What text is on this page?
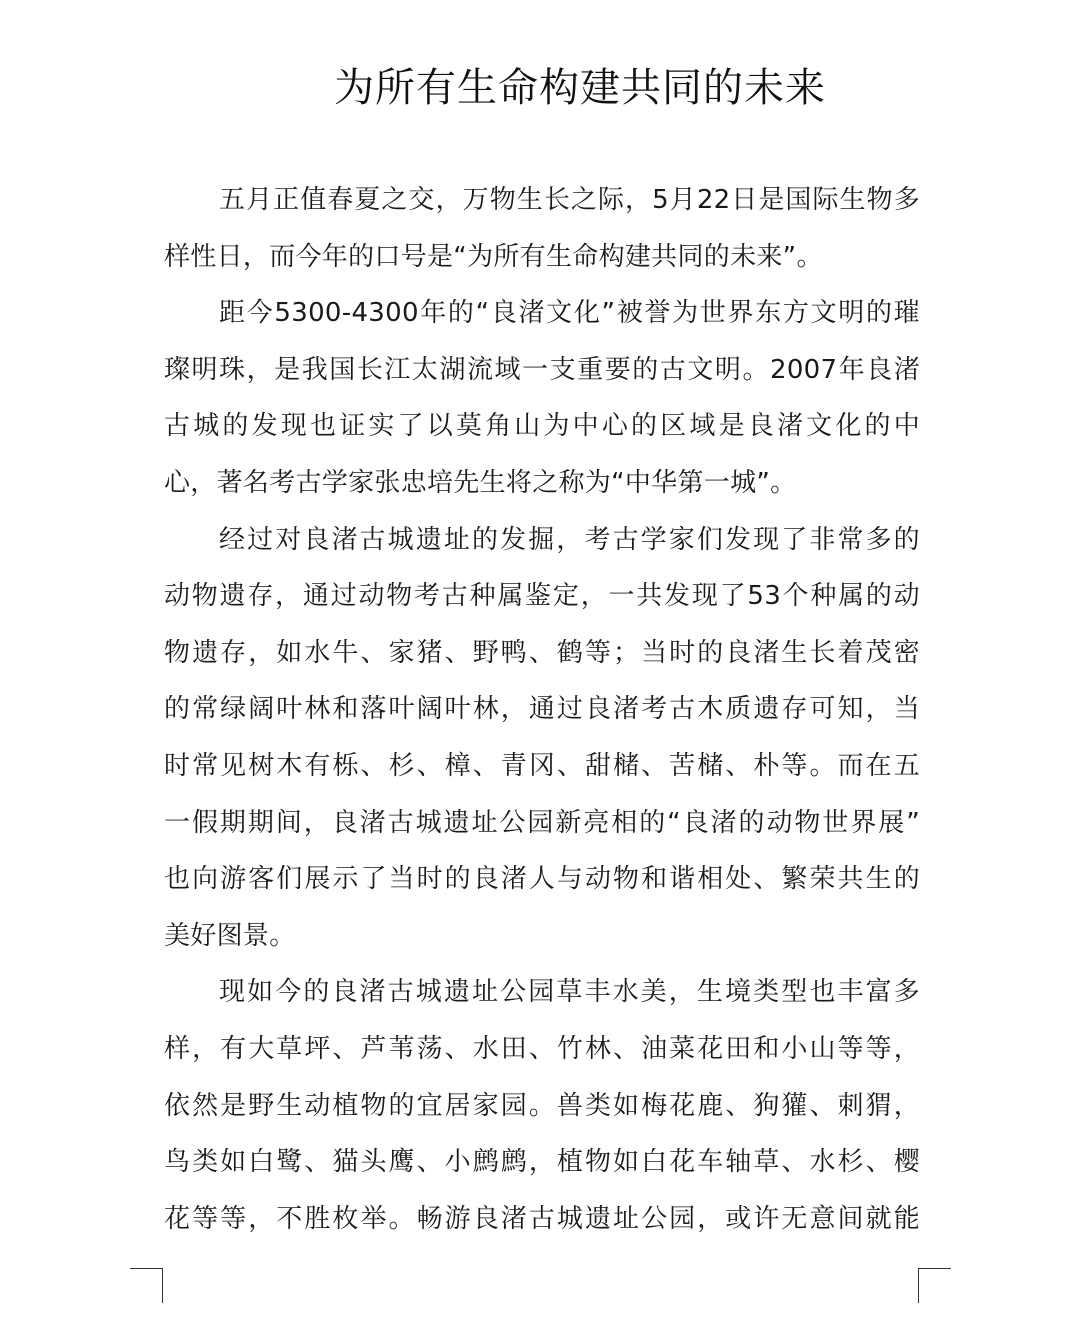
为所有生命构建共同的未来
五月正值春夏之交，万物生长之际，5月22日是国际生物多
样性日，而今年的口号是“为所有生命构建共同的未来”。
距今5300-4300年的“良渚文化”被誉为世界东方文明的璀
璨明珠，是我国长江太湖流域一支重要的古文明。2007年良渚
古城的发现也证实了以莫角山为中心的区域是良渚文化的中
心，著名考古学家张忠培先生将之称为“中华第一城”。
经过对良渚古城遗址的发掘，考古学家们发现了非常多的
动物遗存，通过动物考古种属鉴定，一共发现了53个种属的动
物遗存，如水牛、家猪、野鸭、鹤等；当时的良渚生长着茂密
的常绿阔叶林和落叶阔叶林，通过良渚考古木质遗存可知，当
时常见树木有栎、杉、樟、青冈、甜槠、苦槠、朴等。而在五
一假期期间，良渚古城遗址公园新亮相的“良渚的动物世界展”
也向游客们展示了当时的良渚人与动物和谐相处、繁荣共生的
美好图景。
现如今的良渚古城遗址公园草丰水美，生境类型也丰富多
样，有大草坪、芦苇荡、水田、竹林、油菜花田和小山等等，
依然是野生动植物的宜居家园。兽类如梅花鹿、狗獾、刺猬，
鸟类如白鹭、猫头鹰、小鹧鹧，植物如白花车轴草、水杉、樱
花等等，不胜枚举。畅游良渚古城遗址公园，或许无意间就能
